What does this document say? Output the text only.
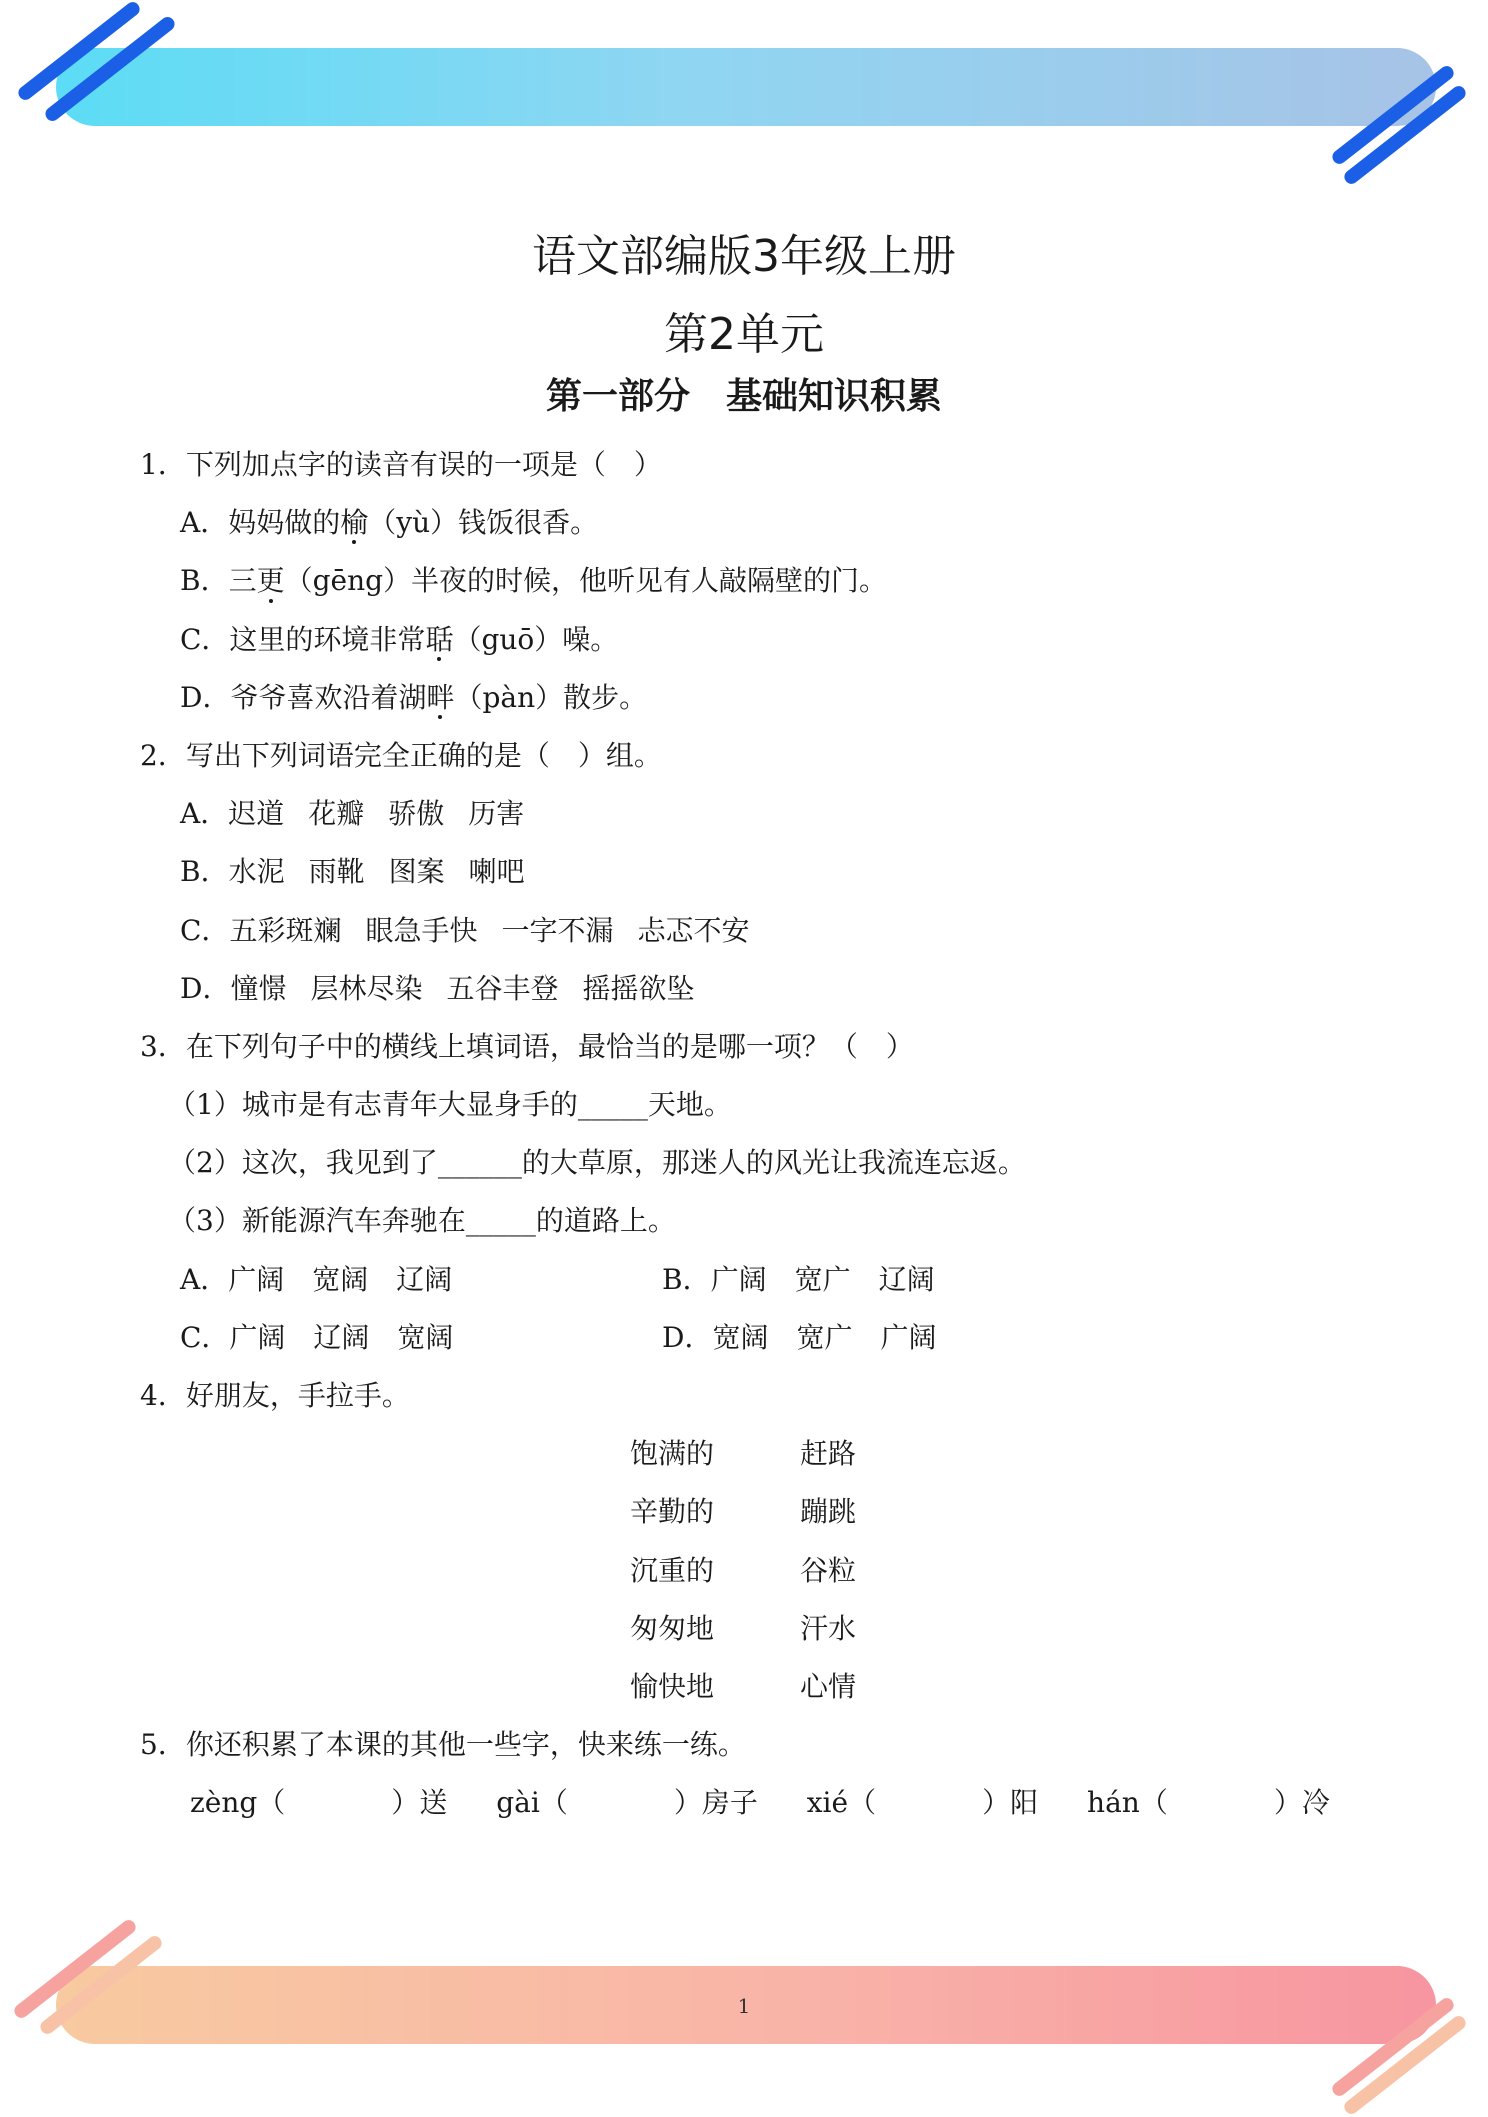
语文部编版3年级上册
第2单元
第一部分　基础知识积累
1．下列加点字的读音有误的一项是（　）
A．妈妈做的榆（yù）钱饭很香。
B．三更（gēng）半夜的时候，他听见有人敲隔壁的门。
C．这里的环境非常聒（guō）噪。
D．爷爷喜欢沿着湖畔（pàn）散步。
2．写出下列词语完全正确的是（　）组。
A．迟道 花瓣 骄傲 历害
B．水泥 雨靴 图案 喇吧
C．五彩斑斓 眼急手快 一字不漏 忐忑不安
D．憧憬 层林尽染 五谷丰登 摇摇欲坠
3．在下列句子中的横线上填词语，最恰当的是哪一项？（　）
（1）城市是有志青年大显身手的_____天地。
（2）这次，我见到了______的大草原，那迷人的风光让我流连忘返。
（3）新能源汽车奔驰在_____的道路上。
A．广阔　宽阔　辽阔	B．广阔　宽广　辽阔
C．广阔　辽阔　宽阔	D．宽阔　宽广　广阔
4．好朋友，手拉手。
饱满的	赶路
辛勤的	蹦跳
沉重的	谷粒
匆匆地	汗水
愉快地	心情
5．你还积累了本课的其他一些字，快来练一练。
zèng（	）送 gài（	）房子 xié（	）阳 hán（	）冷
1
